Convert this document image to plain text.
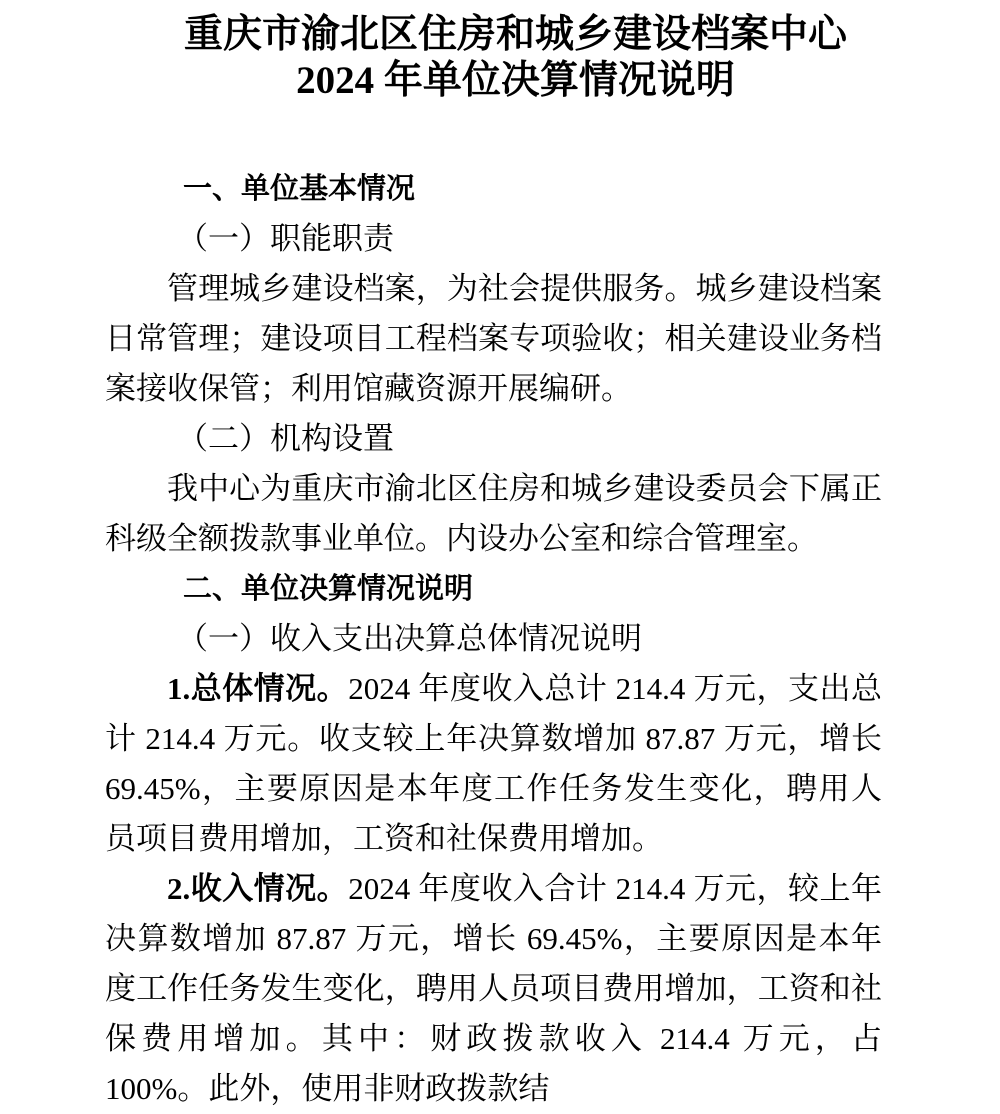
重庆市渝北区住房和城乡建设档案中心
2024 年单位决算情况说明
一、单位基本情况
（一）职能职责

管理城乡建设档案，为社会提供服务。城乡建设档案日常管理；建设项目工程档案专项验收；相关建设业务档案接收保管；利用馆藏资源开展编研。

（二）机构设置

我中心为重庆市渝北区住房和城乡建设委员会下属正科级全额拨款事业单位。内设办公室和综合管理室。

二、单位决算情况说明
（一）收入支出决算总体情况说明

1.总体情况。2024 年度收入总计 214.4 万元，支出总计 214.4 万元。收支较上年决算数增加 87.87 万元，增长 69.45%，主要原因是本年度工作任务发生变化，聘用人员项目费用增加，工资和社保费用增加。

2.收入情况。2024 年度收入合计 214.4 万元，较上年决算数增加 87.87 万元，增长 69.45%，主要原因是本年度工作任务发生变化，聘用人员项目费用增加，工资和社保费用增加。其中：财政拨款收入 214.4 万元，占 100%。此外，使用非财政拨款结
